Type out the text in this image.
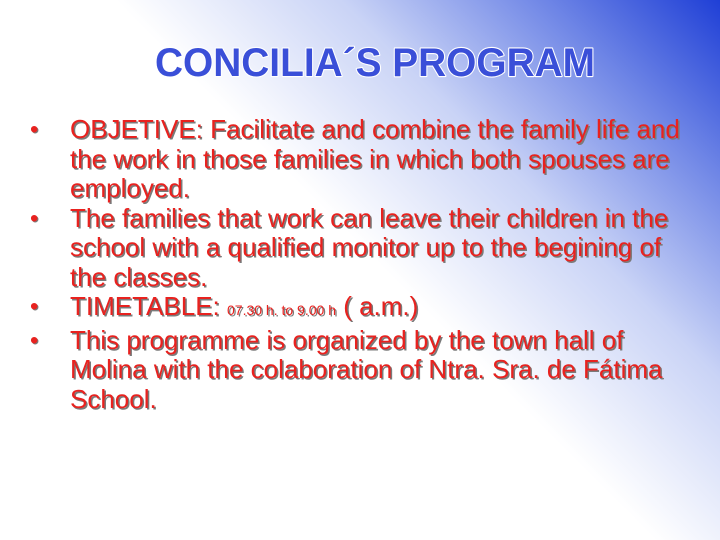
CONCILIA´S PROGRAM
• OBJETIVE: Facilitate and combine the family life and the work in those families in which both spouses are employed.
• The families that work can leave their children in the school with a qualified monitor up to the begining of the classes.
• TIMETABLE: 07.30 h. to 9.00 h ( a.m.)
• This programme is organized by the town hall of Molina with the colaboration of Ntra. Sra. de Fátima School.
